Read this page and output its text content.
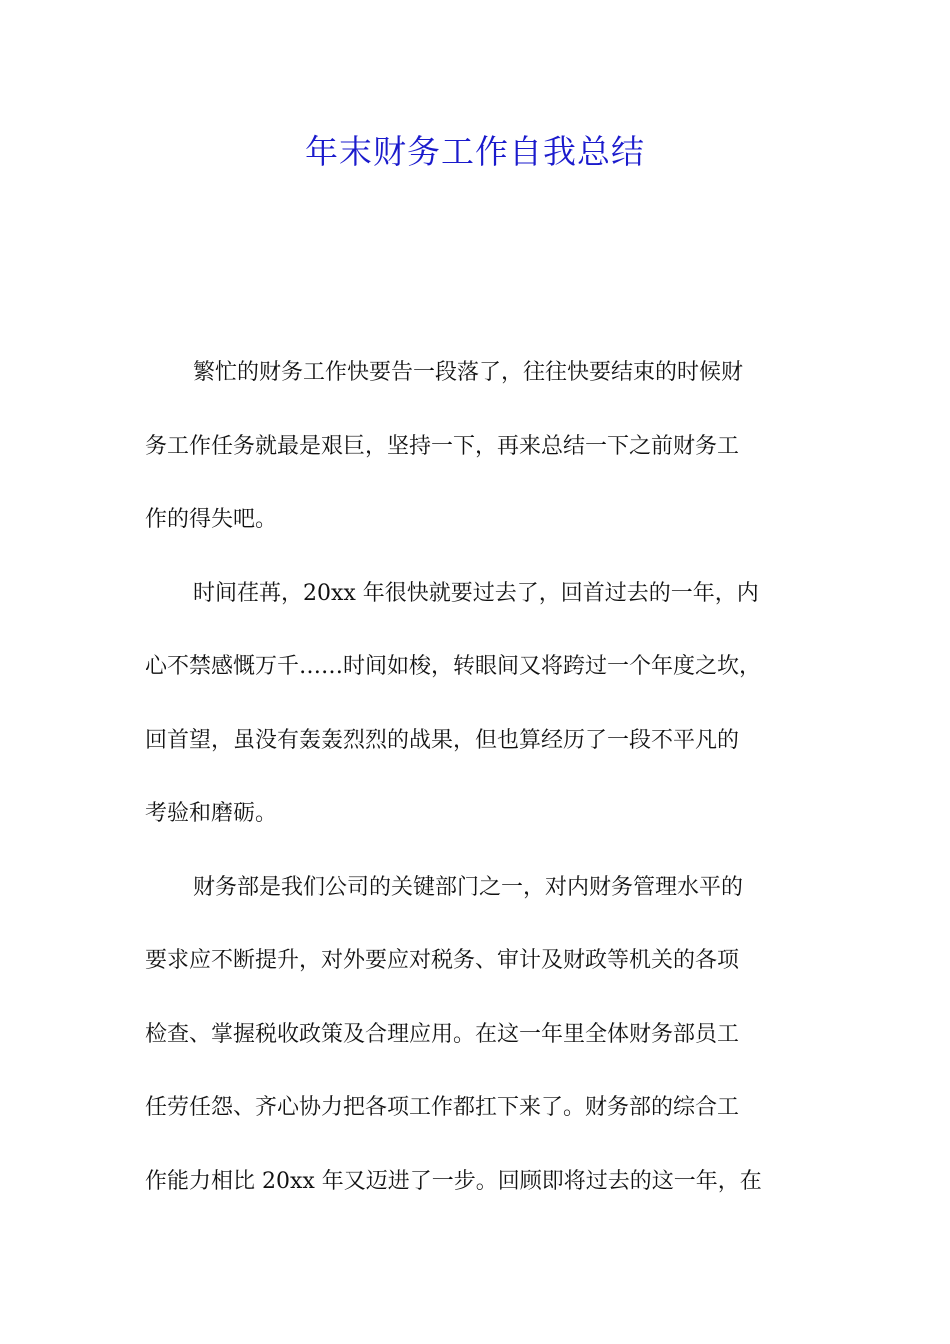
年末财务工作自我总结

繁忙的财务工作快要告一段落了，往往快要结束的时候财
务工作任务就最是艰巨，坚持一下，再来总结一下之前财务工
作的得失吧。

时间荏苒，20xx 年很快就要过去了，回首过去的一年，内
心不禁感慨万千……时间如梭，转眼间又将跨过一个年度之坎，
回首望，虽没有轰轰烈烈的战果，但也算经历了一段不平凡的
考验和磨砺。

财务部是我们公司的关键部门之一，对内财务管理水平的
要求应不断提升，对外要应对税务、审计及财政等机关的各项
检查、掌握税收政策及合理应用。在这一年里全体财务部员工
任劳任怨、齐心协力把各项工作都扛下来了。财务部的综合工
作能力相比 20xx 年又迈进了一步。回顾即将过去的这一年，在
